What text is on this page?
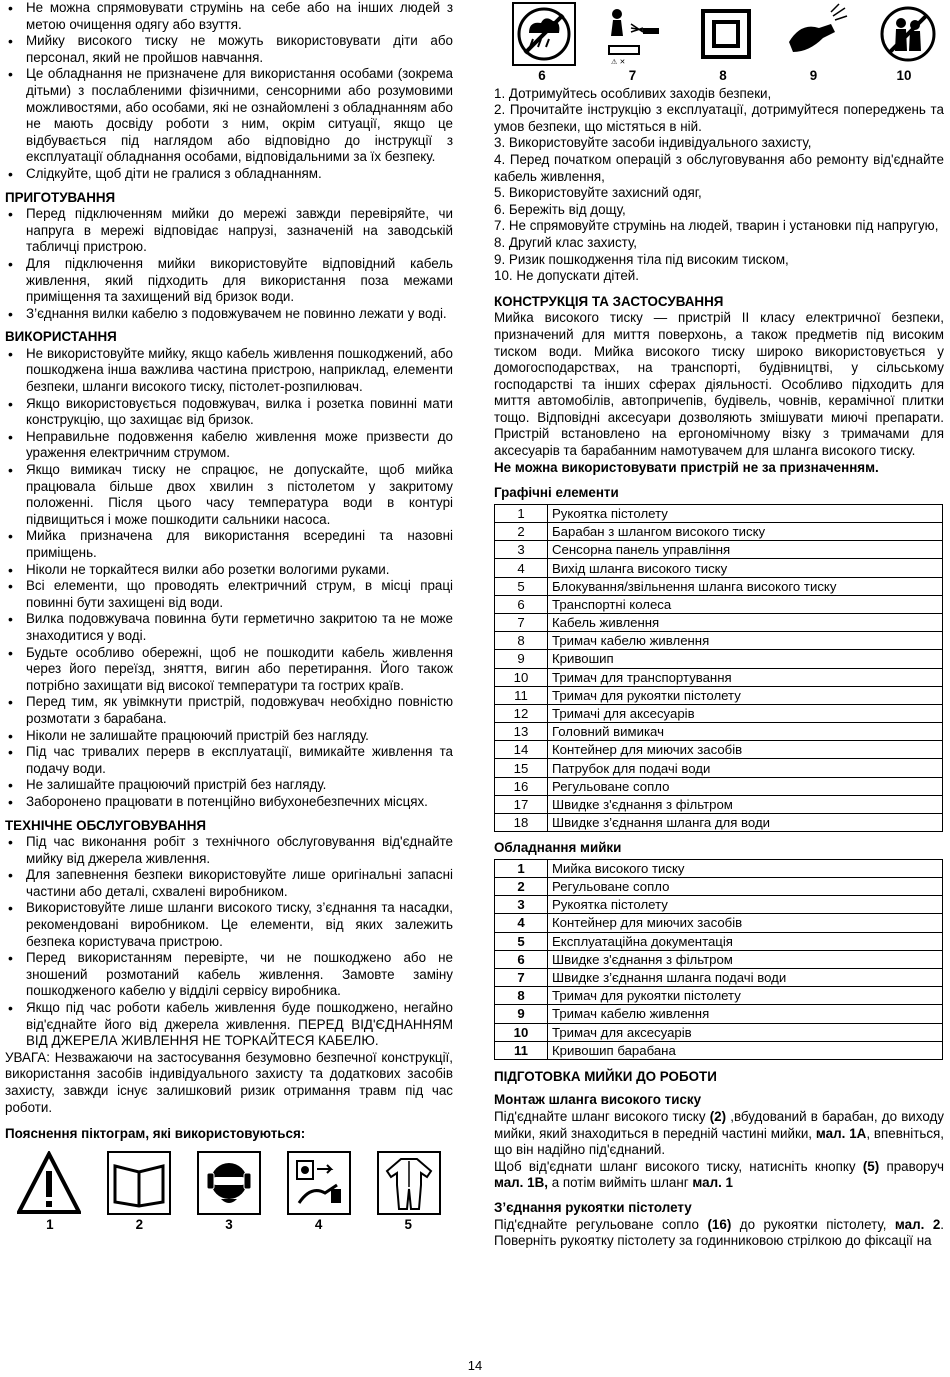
• Не можна спрямовувати струмінь на себе або на інших людей з метою очищення одягу або взуття.
• Мийку високого тиску не можуть використовувати діти або персонал, який не пройшов навчання.
• Це обладнання не призначене для використання особами (зокрема дітьми) з послабленими фізичними, сенсорними або розумовими можливостями, або особами, які не ознайомлені з обладнанням або не мають досвіду роботи з ним, окрім ситуації, якщо це відбувається під наглядом або відповідно до інструкції з експлуатації обладнання особами, відповідальними за їх безпеку.
• Слідкуйте, щоб діти не гралися з обладнанням.
ПРИГОТУВАННЯ
• Перед підключенням мийки до мережі завжди перевіряйте, чи напруга в мережі відповідає напрузі, зазначеній на заводській табличці пристрою.
• Для підключення мийки використовуйте відповідний кабель живлення, який підходить для використання поза межами приміщення та захищений від бризок води.
• З’єднання вилки кабелю з подовжувачем не повинно лежати у воді.
ВИКОРИСТАННЯ
• Не використовуйте мийку, якщо кабель живлення пошкоджений, або пошкоджена інша важлива частина пристрою, наприклад, елементи безпеки, шланги високого тиску, пістолет-розпилювач.
• Якщо використовується подовжувач, вилка і розетка повинні мати конструкцію, що захищає від бризок.
• Неправильне подовження кабелю живлення може призвести до ураження електричним струмом.
• Якщо вимикач тиску не спрацює, не допускайте, щоб мийка працювала більше двох хвилин з пістолетом у закритому положенні. Після цього часу температура води в контурі підвищиться і може пошкодити сальники насоса.
• Мийка призначена для використання всередині та назовні приміщень.
• Ніколи не торкайтеся вилки або розетки вологими руками.
• Всі елементи, що проводять електричний струм, в місці праці повинні бути захищені від води.
• Вилка подовжувача повинна бути герметично закритою та не може знаходитися у воді.
• Будьте особливо обережні, щоб не пошкодити кабель живлення через його переїзд, зняття, вигин або перетирання. Його також потрібно захищати від високої температури та гострих країв.
• Перед тим, як увімкнути пристрій, подовжувач необхідно повністю розмотати з барабана.
• Ніколи не залишайте працюючий пристрій без нагляду.
• Під час тривалих перерв в експлуатації, вимикайте живлення та подачу води.
• Не залишайте працюючий пристрій без нагляду.
• Заборонено працювати в потенційно вибухонебезпечних місцях.
ТЕХНІЧНЕ ОБСЛУГОВУВАННЯ
• Під час виконання робіт з технічного обслуговування від'єднайте мийку від джерела живлення.
• Для запевнення безпеки використовуйте лише оригінальні запасні частини або деталі, схвалені виробником.
• Використовуйте лише шланги високого тиску, з’єднання та насадки, рекомендовані виробником. Це елементи, від яких залежить безпека користувача пристрою.
• Перед використанням перевірте, чи не пошкоджено або не зношений розмотаний кабель живлення. Замовте заміну пошкодженого кабелю у відділі сервісу виробника.
• Якщо під час роботи кабель живлення буде пошкоджено, негайно від'єднайте його від джерела живлення. ПЕРЕД ВІД'ЄДНАННЯМ ВІД ДЖЕРЕЛА ЖИВЛЕННЯ НЕ ТОРКАЙТЕСЯ КАБЕЛЮ.

УВАГА: Незважаючи на застосування безумовно безпечної конструкції, використання засобів індивідуального захисту та додаткових засобів захисту, завжди існує залишковий ризик отримання травм під час роботи.

Пояснення піктограм, які використовуються:
1	2	3	4	5
⚠ ✕
6	7	8	9	10
1. Дотримуйтесь особливих заходів безпеки,
2. Прочитайте інструкцію з експлуатації, дотримуйтеся попереджень та умов безпеки, що містяться в ній.
3. Використовуйте засоби індивідуального захисту,
4. Перед початком операцій з обслуговування або ремонту від'єднайте кабель живлення,
5. Використовуйте захисний одяг,
6. Бережіть від дощу,
7. Не спрямовуйте струмінь на людей, тварин і установки під напругую,
8. Другий клас захисту,
9. Ризик пошкодження тіла під високим тиском,
10. Не допускати дітей.
КОНСТРУКЦІЯ ТА ЗАСТОСУВАННЯ

Мийка високого тиску — пристрій II класу електричної безпеки, призначений для миття поверхонь, а також предметів під високим тиском води. Мийка високого тиску широко використовується у домогосподарствах, на транспорті, будівництві, у сільському господарстві та інших сферах діяльності. Особливо підходить для миття автомобілів, автопричепів, будівель, човнів, керамічної плитки тощо. Відповідні аксесуари дозволяють змішувати миючі препарати. Пристрій встановлено на ергономічному візку з тримачами для аксесуарів та барабанним намотувачем для шланга високого тиску.

Не можна використовувати пристрій не за призначенням.

Графічні елементи
1	Рукоятка пістолету
2	Барабан з шлангом високого тиску
3	Сенсорна панель управління
4	Вихід шланга високого тиску
5	Блокування/звільнення шланга високого тиску
6	Транспортні колеса
7	Кабель живлення
8	Тримач кабелю живлення
9	Кривошип
10	Тримач для транспортування
11	Тримач для рукоятки пістолету
12	Тримачі для аксесуарів
13	Головний вимикач
14	Контейнер для миючих засобів
15	Патрубок для подачі води
16	Регульоване сопло
17	Швидке з'єднання з фільтром
18	Швидке з’єднання шланга для води
Обладнання мийки
1	Мийка високого тиску
2	Регульоване сопло
3	Рукоятка пістолету
4	Контейнер для миючих засобів
5	Експлуатаційна документація
6	Швидке з'єднання з фільтром
7	Швидке з’єднання шланга подачі води
8	Тримач для рукоятки пістолету
9	Тримач кабелю живлення
10	Тримач для аксесуарів
11	Кривошип барабана
ПІДГОТОВКА МИЙКИ ДО РОБОТИ
Монтаж шланга високого тиску

Під'єднайте шланг високого тиску (2) ,вбудований в барабан, до виходу мийки, який знаходиться в передній частині мийки, мал. 1А, впевніться, що він надійно під'єднаний.

Щоб від'єднати шланг високого тиску, натисніть кнопку (5) праворуч мал. 1В, а потім вийміть шланг мал. 1

З’єднання рукоятки пістолету

Під'єднайте регульоване сопло (16) до рукоятки пістолету, мал. 2. Поверніть рукоятку пістолету за годинниковою стрілкою до фіксації на

14
